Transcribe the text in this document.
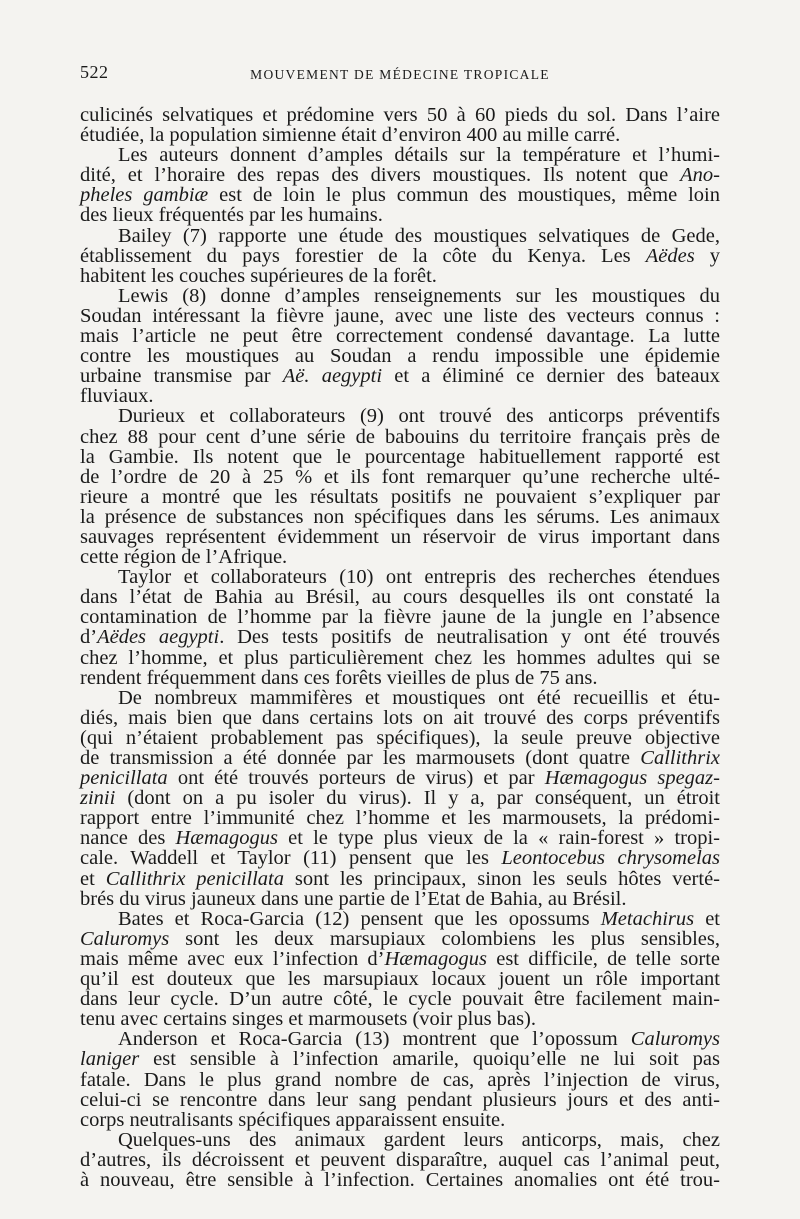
522	MOUVEMENT DE MÉDECINE TROPICALE
culicinés selvatiques et prédomine vers 50 à 60 pieds du sol. Dans l’aire
étudiée, la population simienne était d’environ 400 au mille carré.
Les auteurs donnent d’amples détails sur la température et l’humi-
dité, et l’horaire des repas des divers moustiques. Ils notent que Ano-
pheles gambiæ est de loin le plus commun des moustiques, même loin
des lieux fréquentés par les humains.
Bailey (7) rapporte une étude des moustiques selvatiques de Gede,
établissement du pays forestier de la côte du Kenya. Les Aëdes y
habitent les couches supérieures de la forêt.
Lewis (8) donne d’amples renseignements sur les moustiques du
Soudan intéressant la fièvre jaune, avec une liste des vecteurs connus :
mais l’article ne peut être correctement condensé davantage. La lutte
contre les moustiques au Soudan a rendu impossible une épidemie
urbaine transmise par Aë. aegypti et a éliminé ce dernier des bateaux
fluviaux.
Durieux et collaborateurs (9) ont trouvé des anticorps préventifs
chez 88 pour cent d’une série de babouins du territoire français près de
la Gambie. Ils notent que le pourcentage habituellement rapporté est
de l’ordre de 20 à 25 % et ils font remarquer qu’une recherche ulté-
rieure a montré que les résultats positifs ne pouvaient s’expliquer par
la présence de substances non spécifiques dans les sérums. Les animaux
sauvages représentent évidemment un réservoir de virus important dans
cette région de l’Afrique.
Taylor et collaborateurs (10) ont entrepris des recherches étendues
dans l’état de Bahia au Brésil, au cours desquelles ils ont constaté la
contamination de l’homme par la fièvre jaune de la jungle en l’absence
d’Aëdes aegypti. Des tests positifs de neutralisation y ont été trouvés
chez l’homme, et plus particulièrement chez les hommes adultes qui se
rendent fréquemment dans ces forêts vieilles de plus de 75 ans.
De nombreux mammifères et moustiques ont été recueillis et étu-
diés, mais bien que dans certains lots on ait trouvé des corps préventifs
(qui n’étaient probablement pas spécifiques), la seule preuve objective
de transmission a été donnée par les marmousets (dont quatre Callithrix
penicillata ont été trouvés porteurs de virus) et par Hæmagogus spegaz-
zinii (dont on a pu isoler du virus). Il y a, par conséquent, un étroit
rapport entre l’immunité chez l’homme et les marmousets, la prédomi-
nance des Hæmagogus et le type plus vieux de la « rain-forest » tropi-
cale. Waddell et Taylor (11) pensent que les Leontocebus chrysomelas
et Callithrix penicillata sont les principaux, sinon les seuls hôtes verté-
brés du virus jauneux dans une partie de l’Etat de Bahia, au Brésil.
Bates et Roca-Garcia (12) pensent que les opossums Metachirus et
Caluromys sont les deux marsupiaux colombiens les plus sensibles,
mais même avec eux l’infection d’Hæmagogus est difficile, de telle sorte
qu’il est douteux que les marsupiaux locaux jouent un rôle important
dans leur cycle. D’un autre côté, le cycle pouvait être facilement main-
tenu avec certains singes et marmousets (voir plus bas).
Anderson et Roca-Garcia (13) montrent que l’opossum Caluromys
laniger est sensible à l’infection amarile, quoiqu’elle ne lui soit pas
fatale. Dans le plus grand nombre de cas, après l’injection de virus,
celui-ci se rencontre dans leur sang pendant plusieurs jours et des anti-
corps neutralisants spécifiques apparaissent ensuite.
Quelques-uns des animaux gardent leurs anticorps, mais, chez
d’autres, ils décroissent et peuvent disparaître, auquel cas l’animal peut,
à nouveau, être sensible à l’infection. Certaines anomalies ont été trou-
